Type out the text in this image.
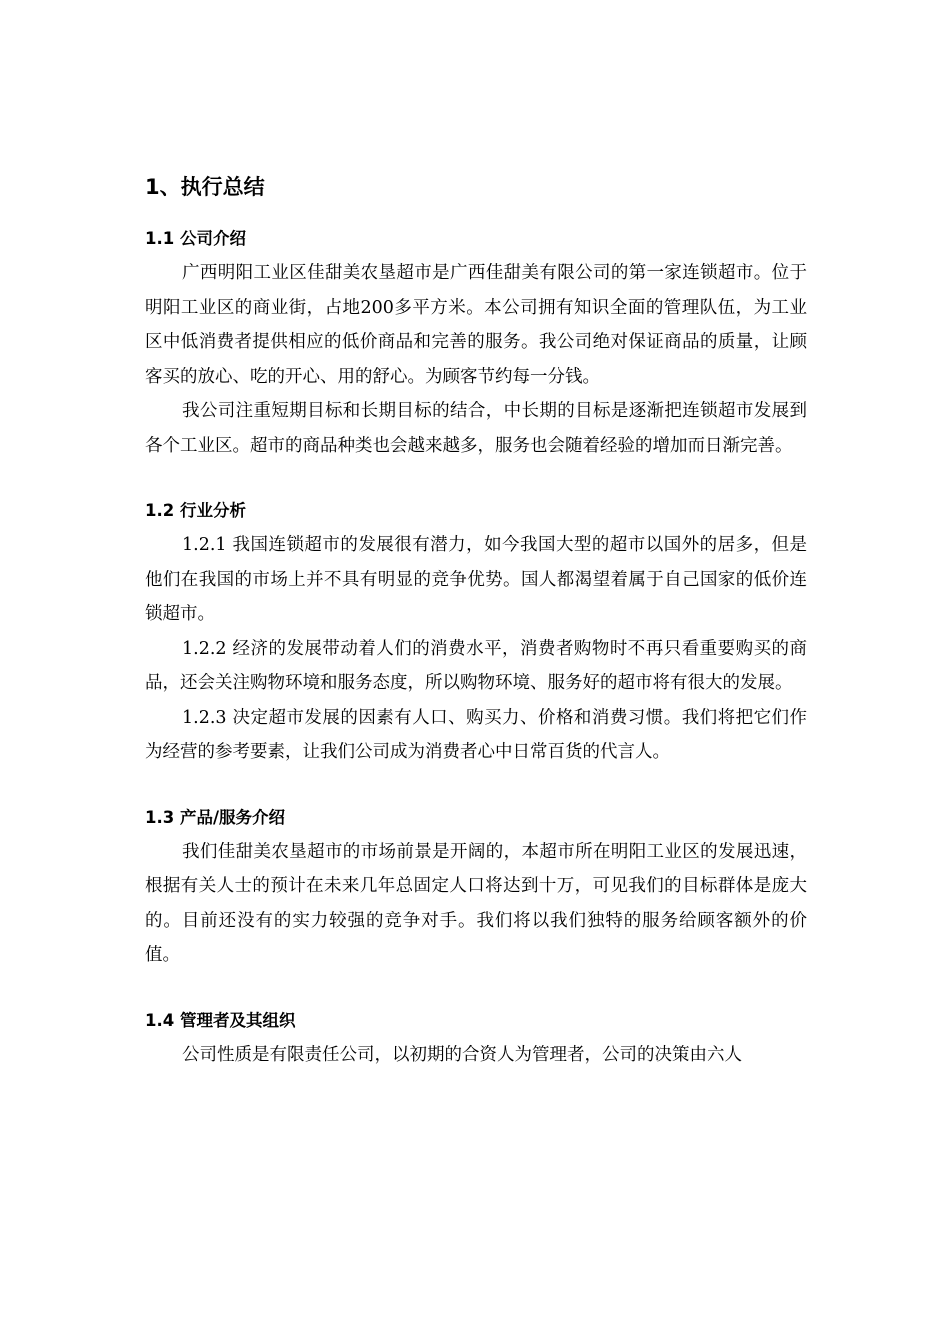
1、执行总结
1.1 公司介绍

广西明阳工业区佳甜美农垦超市是广西佳甜美有限公司的第一家连锁超市。位于明阳工业区的商业街，占地200多平方米。本公司拥有知识全面的管理队伍，为工业区中低消费者提供相应的低价商品和完善的服务。我公司绝对保证商品的质量，让顾客买的放心、吃的开心、用的舒心。为顾客节约每一分钱。

我公司注重短期目标和长期目标的结合，中长期的目标是逐渐把连锁超市发展到各个工业区。超市的商品种类也会越来越多，服务也会随着经验的增加而日渐完善。

1.2 行业分析

1.2.1 我国连锁超市的发展很有潜力，如今我国大型的超市以国外的居多，但是他们在我国的市场上并不具有明显的竞争优势。国人都渴望着属于自己国家的低价连锁超市。

1.2.2 经济的发展带动着人们的消费水平，消费者购物时不再只看重要购买的商品，还会关注购物环境和服务态度，所以购物环境、服务好的超市将有很大的发展。

1.2.3 决定超市发展的因素有人口、购买力、价格和消费习惯。我们将把它们作为经营的参考要素，让我们公司成为消费者心中日常百货的代言人。

1.3 产品/服务介绍

我们佳甜美农垦超市的市场前景是开阔的，本超市所在明阳工业区的发展迅速，根据有关人士的预计在未来几年总固定人口将达到十万，可见我们的目标群体是庞大的。目前还没有的实力较强的竞争对手。我们将以我们独特的服务给顾客额外的价值。

1.4 管理者及其组织

公司性质是有限责任公司，以初期的合资人为管理者，公司的决策由六人
